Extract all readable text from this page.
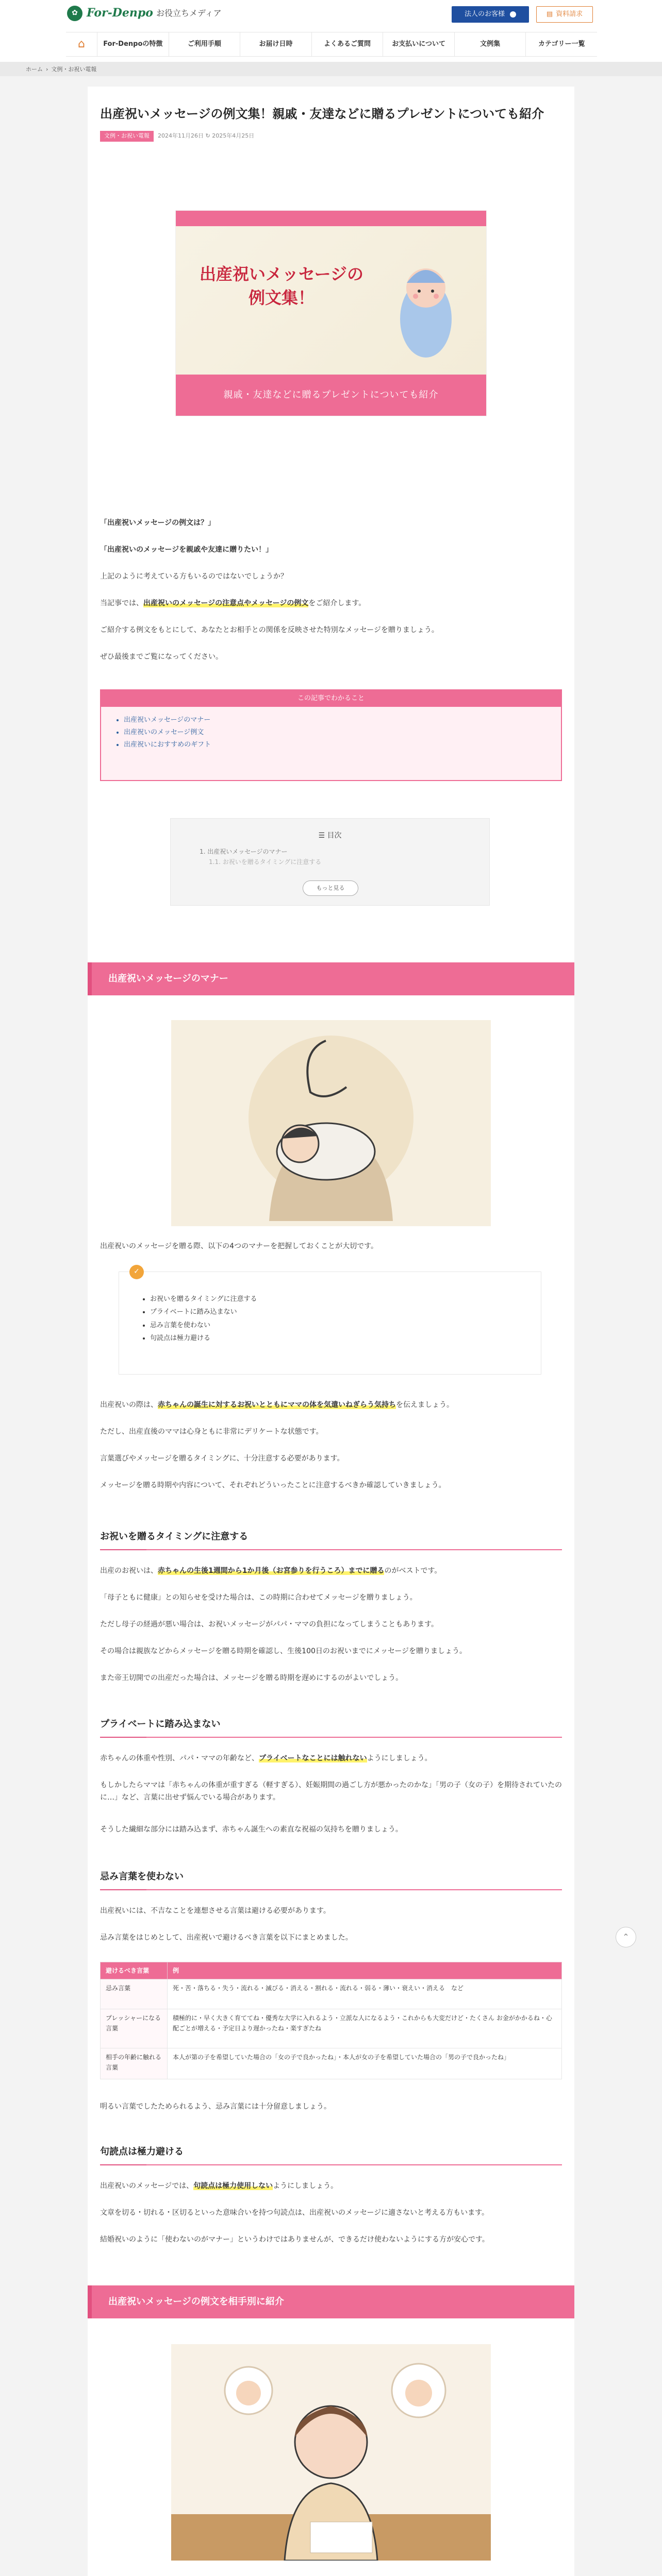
✿ For-Denpo お役立ちメディア	法人のお客様	▤ 資料請求
⌂	For-Denpoの特徴	ご利用手順	お届け日時	よくあるご質問	お支払いについて	文例集	カテゴリー一覧
ホーム › 文例・お祝い電報
出産祝いメッセージの例文集！親戚・友達などに贈るプレゼントについても紹介
文例・お祝い電報	2024年11月26日 ↻ 2025年4月25日
出産祝いメッセージの
例文集！
親戚・友達などに贈るプレゼントについても紹介

「出産祝いメッセージの例文は？」

「出産祝いのメッセージを親戚や友達に贈りたい！」

上記のように考えている方もいるのではないでしょうか？

当記事では、出産祝いのメッセージの注意点やメッセージの例文をご紹介します。

ご紹介する例文をもとにして、あなたとお相手との関係を反映させた特別なメッセージを贈りましょう。

ぜひ最後までご覧になってください。

この記事でわかること
• 出産祝いメッセージのマナー
• 出産祝いのメッセージ例文
• 出産祝いにおすすめのギフト
☰ 目次
1. 出産祝いメッセージのマナー
1.1. お祝いを贈るタイミングに注意する
もっと見る
出産祝いメッセージのマナー

出産祝いのメッセージを贈る際、以下の4つのマナーを把握しておくことが大切です。

✓
• お祝いを贈るタイミングに注意する
• プライベートに踏み込まない
• 忌み言葉を使わない
• 句読点は極力避ける

出産祝いの際は、赤ちゃんの誕生に対するお祝いとともにママの体を気遣いねぎらう気持ちを伝えましょう。

ただし、出産直後のママは心身ともに非常にデリケートな状態です。

言葉選びやメッセージを贈るタイミングに、十分注意する必要があります。

メッセージを贈る時期や内容について、それぞれどういったことに注意するべきか確認していきましょう。

お祝いを贈るタイミングに注意する

出産のお祝いは、赤ちゃんの生後1週間から1か月後（お宮参りを行うころ）までに贈るのがベストです。

「母子ともに健康」との知らせを受けた場合は、この時期に合わせてメッセージを贈りましょう。

ただし母子の経過が悪い場合は、お祝いメッセージがパパ・ママの負担になってしまうこともあります。

その場合は親族などからメッセージを贈る時期を確認し、生後100日のお祝いまでにメッセージを贈りましょう。

また帝王切開での出産だった場合は、メッセージを贈る時期を遅めにするのがよいでしょう。

プライベートに踏み込まない

赤ちゃんの体重や性別、パパ・ママの年齢など、プライベートなことには触れないようにしましょう。

もしかしたらママは「赤ちゃんの体重が重すぎる（軽すぎる）、妊娠期間の過ごし方が悪かったのかな」「男の子（女の子）を期待されていたのに…」など、言葉に出せず悩んでいる場合があります。

そうした繊細な部分には踏み込まず、赤ちゃん誕生への素直な祝福の気持ちを贈りましょう。

忌み言葉を使わない

出産祝いには、不吉なことを連想させる言葉は避ける必要があります。

忌み言葉をはじめとして、出産祝いで避けるべき言葉を以下にまとめました。

避けるべき言葉	例
忌み言葉	死・苦・落ちる・失う・流れる・滅びる・消える・割れる・流れる・弱る・薄い・衰えい・消える　など
プレッシャーになる言葉	積極的に・早く大きく育ててね・優秀な大学に入れるよう・立派な人になるよう・これからも大変だけど・たくさん お金がかかるね・心配ごとが増える・予定日より遅かったね・楽すぎたね
相手の年齢に触れる言葉	本人が第の子を希望していた場合の「女の子で良かったね」・本人が女の子を希望していた場合の「男の子で良かったね」

明るい言葉でしたためられるよう、忌み言葉には十分留意しましょう。

句読点は極力避ける

出産祝いのメッセージでは、句読点は極力使用しないようにしましょう。

文章を切る・切れる・区切るといった意味合いを持つ句読点は、出産祝いのメッセージに適さないと考える方もいます。

結婚祝いのように「使わないのがマナー」というわけではありませんが、できるだけ使わないようにする方が安心です。

出産祝いメッセージの例文を相手別に紹介

⌃
